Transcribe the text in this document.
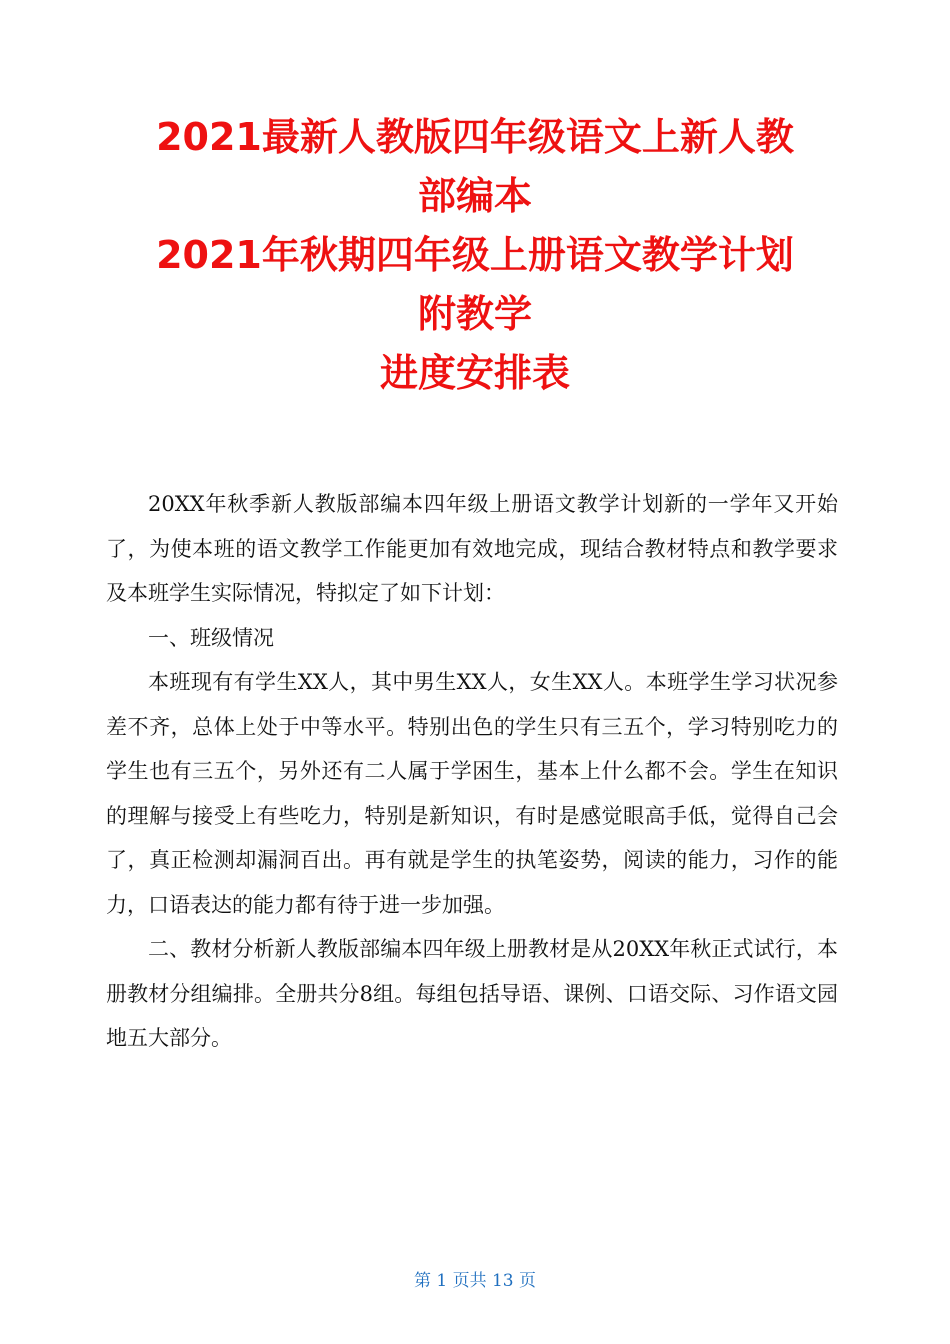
2021最新人教版四年级语文上新人教
部编本
2021年秋期四年级上册语文教学计划
附教学
进度安排表

20XX年秋季新人教版部编本四年级上册语文教学计划新的一学年又开始了，为使本班的语文教学工作能更加有效地完成，现结合教材特点和教学要求及本班学生实际情况，特拟定了如下计划：

一、班级情况

本班现有有学生XX人，其中男生XX人，女生XX人。本班学生学习状况参差不齐，总体上处于中等水平。特别出色的学生只有三五个，学习特别吃力的学生也有三五个，另外还有二人属于学困生，基本上什么都不会。学生在知识的理解与接受上有些吃力，特别是新知识，有时是感觉眼高手低，觉得自己会了，真正检测却漏洞百出。再有就是学生的执笔姿势，阅读的能力，习作的能力，口语表达的能力都有待于进一步加强。

二、教材分析新人教版部编本四年级上册教材是从20XX年秋正式试行，本册教材分组编排。全册共分8组。每组包括导语、课例、口语交际、习作语文园地五大部分。

第 1 页共 13 页
